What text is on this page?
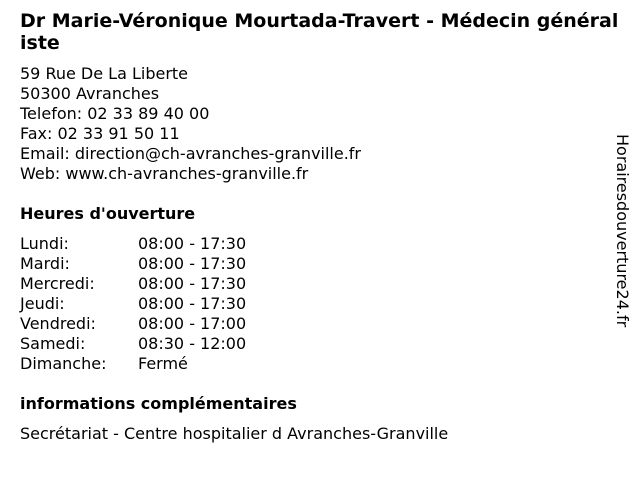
Dr Marie-Véronique Mourtada-Travert - Médecin généraliste
59 Rue De La Liberte
50300 Avranches
Telefon: 02 33 89 40 00
Fax: 02 33 91 50 11
Email: direction@ch-avranches-granville.fr
Web: www.ch-avranches-granville.fr
Heures d'ouverture
Lundi:	08:00 - 17:30
Mardi:	08:00 - 17:30
Mercredi:	08:00 - 17:30
Jeudi:	08:00 - 17:30
Vendredi:	08:00 - 17:00
Samedi:	08:30 - 12:00
Dimanche: Fermé
informations complémentaires
Secrétariat - Centre hospitalier d Avranches-Granville
Horairesdouverture24.fr
